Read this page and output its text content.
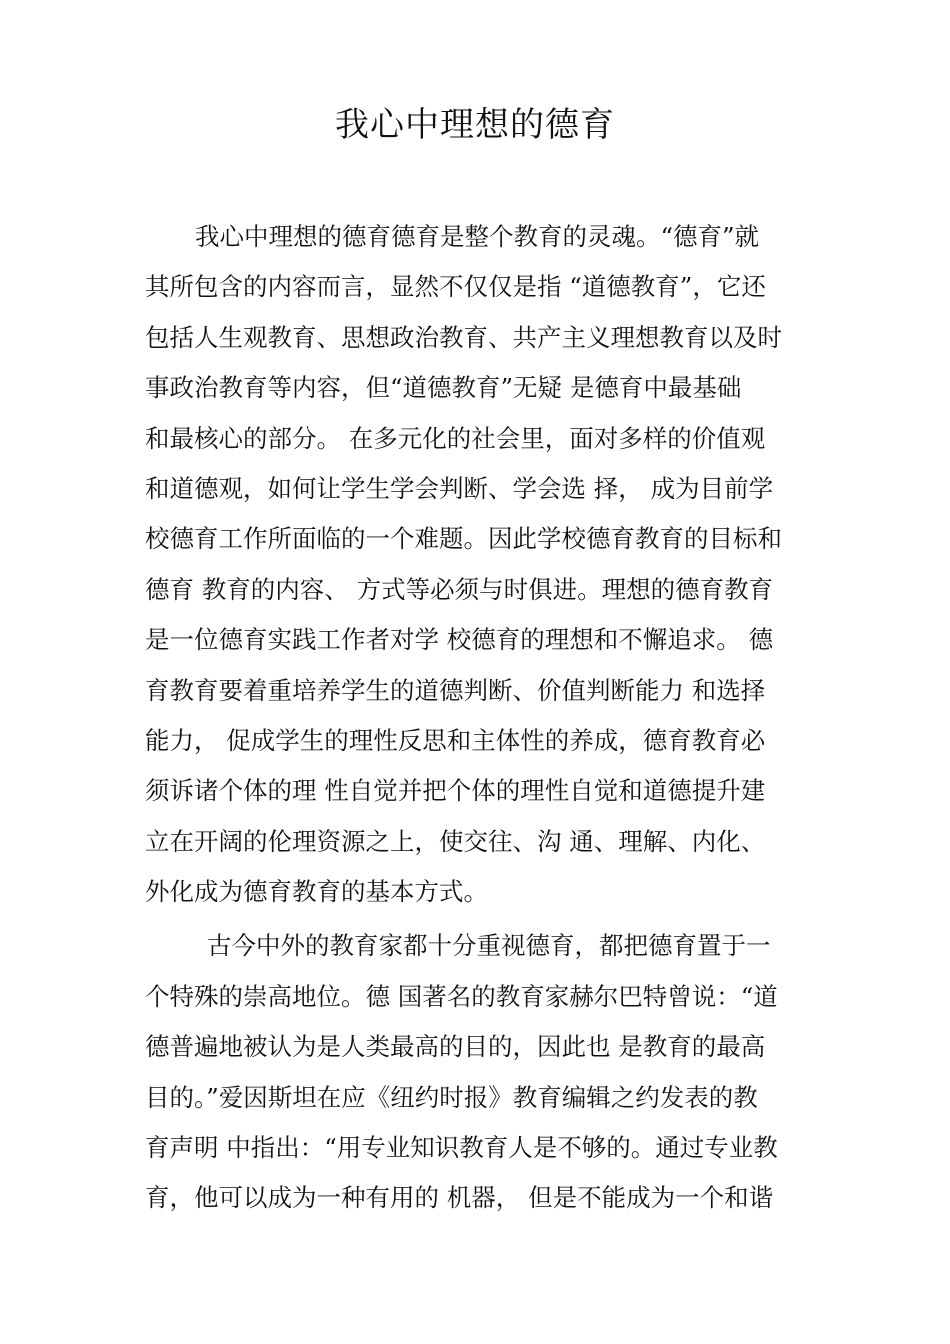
我心中理想的德育
我心中理想的德育德育是整个教育的灵魂。“德育”就
其所包含的内容而言，显然不仅仅是指 “道德教育”，它还
包括人生观教育、思想政治教育、共产主义理想教育以及时
事政治教育等内容，但“道德教育”无疑 是德育中最基础
和最核心的部分。 在多元化的社会里，面对多样的价值观
和道德观，如何让学生学会判断、学会选 择， 成为目前学
校德育工作所面临的一个难题。因此学校德育教育的目标和
德育 教育的内容、 方式等必须与时俱进。理想的德育教育
是一位德育实践工作者对学 校德育的理想和不懈追求。 德
育教育要着重培养学生的道德判断、价值判断能力 和选择
能力， 促成学生的理性反思和主体性的养成，德育教育必
须诉诸个体的理 性自觉并把个体的理性自觉和道德提升建
立在开阔的伦理资源之上，使交往、沟 通、理解、内化、
外化成为德育教育的基本方式。
古今中外的教育家都十分重视德育，都把德育置于一
个特殊的崇高地位。德 国著名的教育家赫尔巴特曾说：“道
德普遍地被认为是人类最高的目的，因此也 是教育的最高
目的。”爱因斯坦在应《纽约时报》教育编辑之约发表的教
育声明 中指出：“用专业知识教育人是不够的。通过专业教
育，他可以成为一种有用的 机器， 但是不能成为一个和谐
